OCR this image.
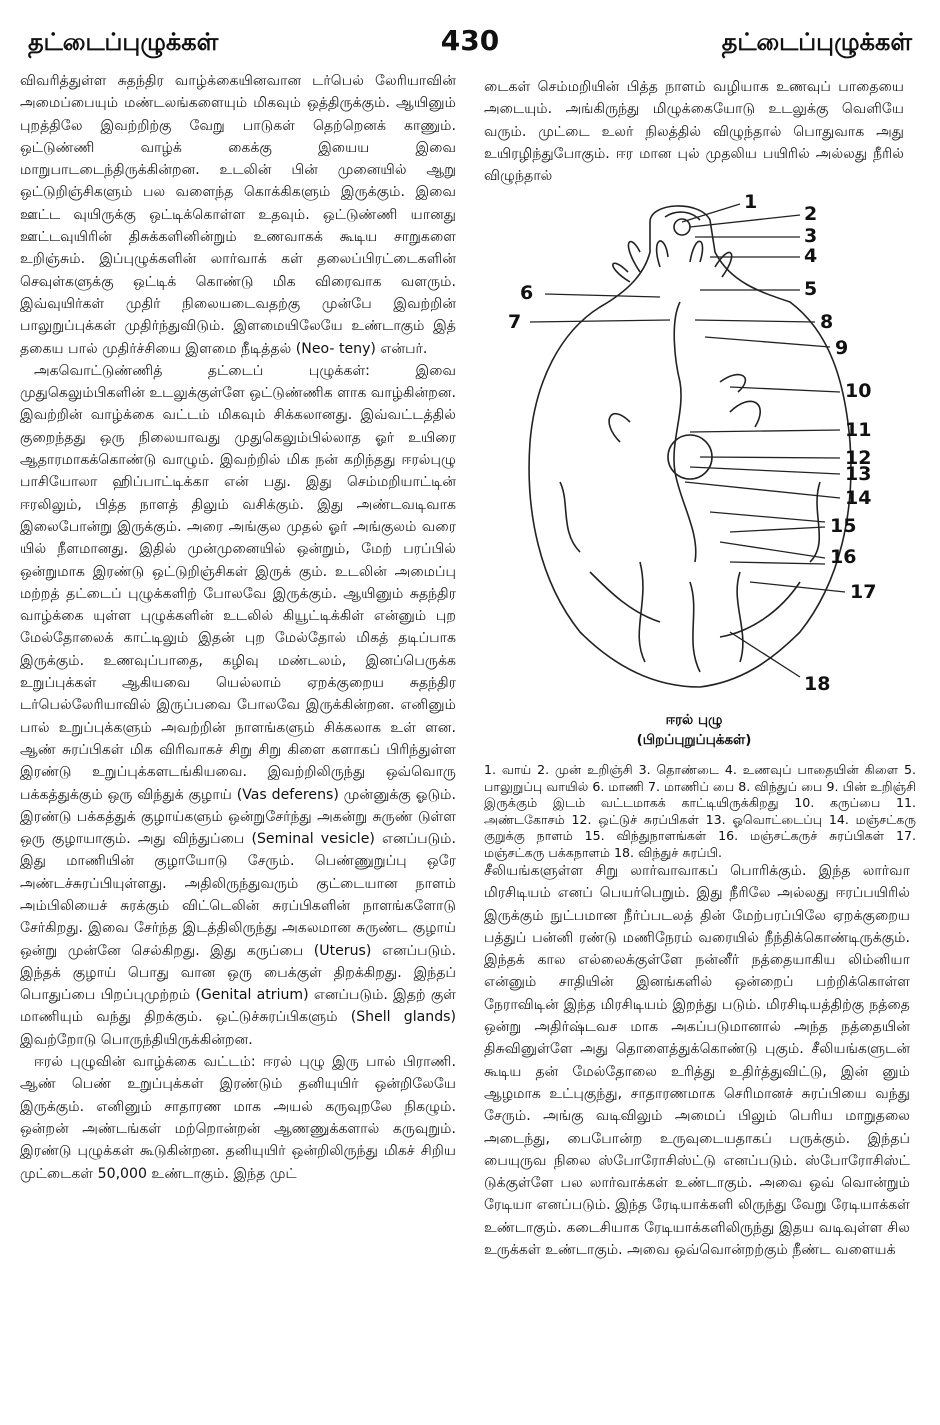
தட்டைப்புழுக்கள்	430	தட்டைப்புழுக்கள்

விவரித்துள்ள சுதந்திர வாழ்க்கையினவான டர்பெல் லேரியாவின் அமைப்பையும் மண்டலங்களையும் மிகவும் ஒத்திருக்கும். ஆயினும் புறத்திலே இவற்றிற்கு வேறு பாடுகள் தெற்றெனக் காணும். ஒட்டுண்ணி வாழ்க் கைக்கு இயைய இவை மாறுபாடடைந்திருக்கின்றன. உடலின் பின் முனையில் ஆறு ஒட்டுறிஞ்சிகளும் பல வளைந்த கொக்கிகளும் இருக்கும். இவை ஊட்ட வுயிருக்கு ஒட்டிக்கொள்ள உதவும். ஒட்டுண்ணி யானது ஊட்டவுயிரின் திசுக்களினின்றும் உணவாகக் கூடிய சாறுகளை உறிஞ்சும். இப்புழுக்களின் லார்வாக் கள் தலைப்பிரட்டைகளின் செவுள்களுக்கு ஒட்டிக் கொண்டு மிக விரைவாக வளரும். இவ்வுயிர்கள் முதிர் நிலையடைவதற்கு முன்பே இவற்றின் பாலுறுப்புக்கள் முதிர்ந்துவிடும். இளமையிலேயே உண்டாகும் இத் தகைய பால் முதிர்ச்சியை இளமை நீடித்தல் (Neo- teny) என்பர்.

அகவொட்டுண்ணித் தட்டைப் புழுக்கள்: இவை முதுகெலும்பிகளின் உடலுக்குள்ளே ஒட்டுண்ணிக ளாக வாழ்கின்றன. இவற்றின் வாழ்க்கை வட்டம் மிகவும் சிக்கலானது. இவ்வட்டத்தில் குறைந்தது ஒரு நிலையாவது முதுகெலும்பில்லாத ஓர் உயிரை ஆதாரமாகக்கொண்டு வாழும். இவற்றில் மிக நன் கறிந்தது ஈரல்புழு பாசியோலா ஹிப்பாட்டிக்கா என் பது. இது செம்மறியாட்டின் ஈரலிலும், பித்த நாளத் திலும் வசிக்கும். இது அண்டவடிவாக இலைபோன்று இருக்கும். அரை அங்குல முதல் ஓர் அங்குலம் வரை யில் நீளமானது. இதில் முன்முனையில் ஒன்றும், மேற் பரப்பில் ஒன்றுமாக இரண்டு ஒட்டுறிஞ்சிகள் இருக் கும். உடலின் அமைப்பு மற்றத் தட்டைப் புழுக்களிற் போலவே இருக்கும். ஆயினும் சுதந்திர வாழ்க்கை யுள்ள புழுக்களின் உடலில் கியூட்டிக்கிள் என்னும் புற மேல்தோலைக் காட்டிலும் இதன் புற மேல்தோல் மிகத் தடிப்பாக இருக்கும். உணவுப்பாதை, கழிவு மண்டலம், இனப்பெருக்க உறுப்புக்கள் ஆகியவை யெல்லாம் ஏறக்குறைய சுதந்திர டர்பெல்லேரியாவில் இருப்பவை போலவே இருக்கின்றன. எனினும் பால் உறுப்புக்களும் அவற்றின் நாளங்களும் சிக்கலாக உள் ளன. ஆண் சுரப்பிகள் மிக விரிவாகச் சிறு சிறு கிளை களாகப் பிரிந்துள்ள இரண்டு உறுப்புக்களடங்கியவை. இவற்றிலிருந்து ஒவ்வொரு பக்கத்துக்கும் ஒரு விந்துக் குழாய் (Vas deferens) முன்னுக்கு ஓடும். இரண்டு பக்கத்துக் குழாய்களும் ஒன்றுசேர்ந்து அகன்று சுருண் டுள்ள ஒரு குழாயாகும். அது விந்துப்பை (Seminal vesicle) எனப்படும். இது மாணியின் குழாயோடு சேரும். பெண்ணுறுப்பு ஒரே அண்டச்சுரப்பியுள்ளது. அதிலிருந்துவரும் குட்டையான நாளம் அம்பிலியைச் சுரக்கும் விட்டெலின் சுரப்பிகளின் நாளங்களோடு சேர்கிறது. இவை சேர்ந்த இடத்திலிருந்து அகலமான சுருண்ட குழாய் ஒன்று முன்னே செல்கிறது. இது கருப்பை (Uterus) எனப்படும். இந்தக் குழாய் பொது வான ஒரு பைக்குள் திறக்கிறது. இந்தப் பொதுப்பை பிறப்புமுற்றம் (Genital atrium) எனப்படும். இதற் குள் மாணியும் வந்து திறக்கும். ஒட்டுச்சுரப்பிகளும் (Shell glands) இவற்றோடு பொருந்தியிருக்கின்றன.

ஈரல் புழுவின் வாழ்க்கை வட்டம்: ஈரல் புழு இரு பால் பிராணி. ஆண் பெண் உறுப்புக்கள் இரண்டும் தனியுயிர் ஒன்றிலேயே இருக்கும். எனினும் சாதாரண மாக அயல் கருவுறலே நிகழும். ஒன்றன் அண்டங்கள் மற்றொன்றன் ஆணணுக்களால் கருவுறும். இரண்டு புழுக்கள் கூடுகின்றன. தனியுயிர் ஒன்றிலிருந்து மிகச் சிறிய முட்டைகள் 50,000 உண்டாகும். இந்த முட்

டைகள் செம்மறியின் பித்த நாளம் வழியாக உணவுப் பாதையை அடையும். அங்கிருந்து மிழுக்கையோடு உடலுக்கு வெளியே வரும். முட்டை உலர் நிலத்தில் விழுந்தால் பொதுவாக அது உயிரழிந்துபோகும். ஈர மான புல் முதலிய பயிரில் அல்லது நீரில் விழுந்தால்
1
2
3
4
5
6
7	8
9
10
11
12
13
14
15
16
17
18
ஈரல் புழு
(பிறப்புறுப்புக்கள்)
1. வாய் 2. முன் உறிஞ்சி 3. தொண்டை 4. உணவுப் பாதையின் கிளை 5. பாலுறுப்பு வாயில் 6. மாணி 7. மாணிப் பை 8. விந்துப் பை 9. பின் உறிஞ்சி இருக்கும் இடம் வட்டமாகக் காட்டியிருக்கிறது 10. கருப்பை 11. அண்டகோசம் 12. ஒட்டுச் சுரப்பிகள் 13. ஓவொட்டைப்பு 14. மஞ்சட்கரு குறுக்கு நாளம் 15. விந்துநாளங்கள் 16. மஞ்சட்கருச் சுரப்பிகள் 17. மஞ்சட்கரு பக்கநாளம் 18. விந்துச் சுரப்பி.
சீலியங்களுள்ள சிறு லார்வாவாகப் பொரிக்கும். இந்த லார்வா மிரசிடியம் எனப் பெயர்பெறும். இது நீரிலே அல்லது ஈரப்பயிரில் இருக்கும் நுட்பமான நீர்ப்படலத் தின் மேற்பரப்பிலே ஏறக்குறைய பத்துப் பன்னி ரண்டு மணிநேரம் வரையில் நீந்திக்கொண்டிருக்கும். இந்தக் கால எல்லைக்குள்ளே நன்னீர் நத்தையாகிய லிம்னியா என்னும் சாதியின் இனங்களில் ஒன்றைப் பற்றிக்கொள்ள நேராவிடின் இந்த மிரசிடியம் இறந்து படும். மிரசிடியத்திற்கு நத்தை ஒன்று அதிர்ஷ்டவச மாக அகப்படுமானால் அந்த நத்தையின் திசுவினுள்ளே அது தொளைத்துக்கொண்டு புகும். சீலியங்களுடன் கூடிய தன் மேல்தோலை உரித்து உதிர்த்துவிட்டு, இன் னும் ஆழமாக உட்புகுந்து, சாதாரணமாக செரிமானச் சுரப்பியை வந்து சேரும். அங்கு வடிவிலும் அமைப் பிலும் பெரிய மாறுதலை அடைந்து, பைபோன்ற உருவுடையதாகப் பருக்கும். இந்தப் பையுருவ நிலை ஸ்போரோசிஸ்ட்டு எனப்படும். ஸ்போரோசிஸ்ட் டுக்குள்ளே பல லார்வாக்கள் உண்டாகும். அவை ஒவ் வொன்றும் ரேடியா எனப்படும். இந்த ரேடியாக்களி லிருந்து வேறு ரேடியாக்கள் உண்டாகும். கடைசியாக ரேடியாக்களிலிருந்து இதய வடிவுள்ள சில உருக்கள் உண்டாகும். அவை ஒவ்வொன்றற்கும் நீண்ட வளையக்
